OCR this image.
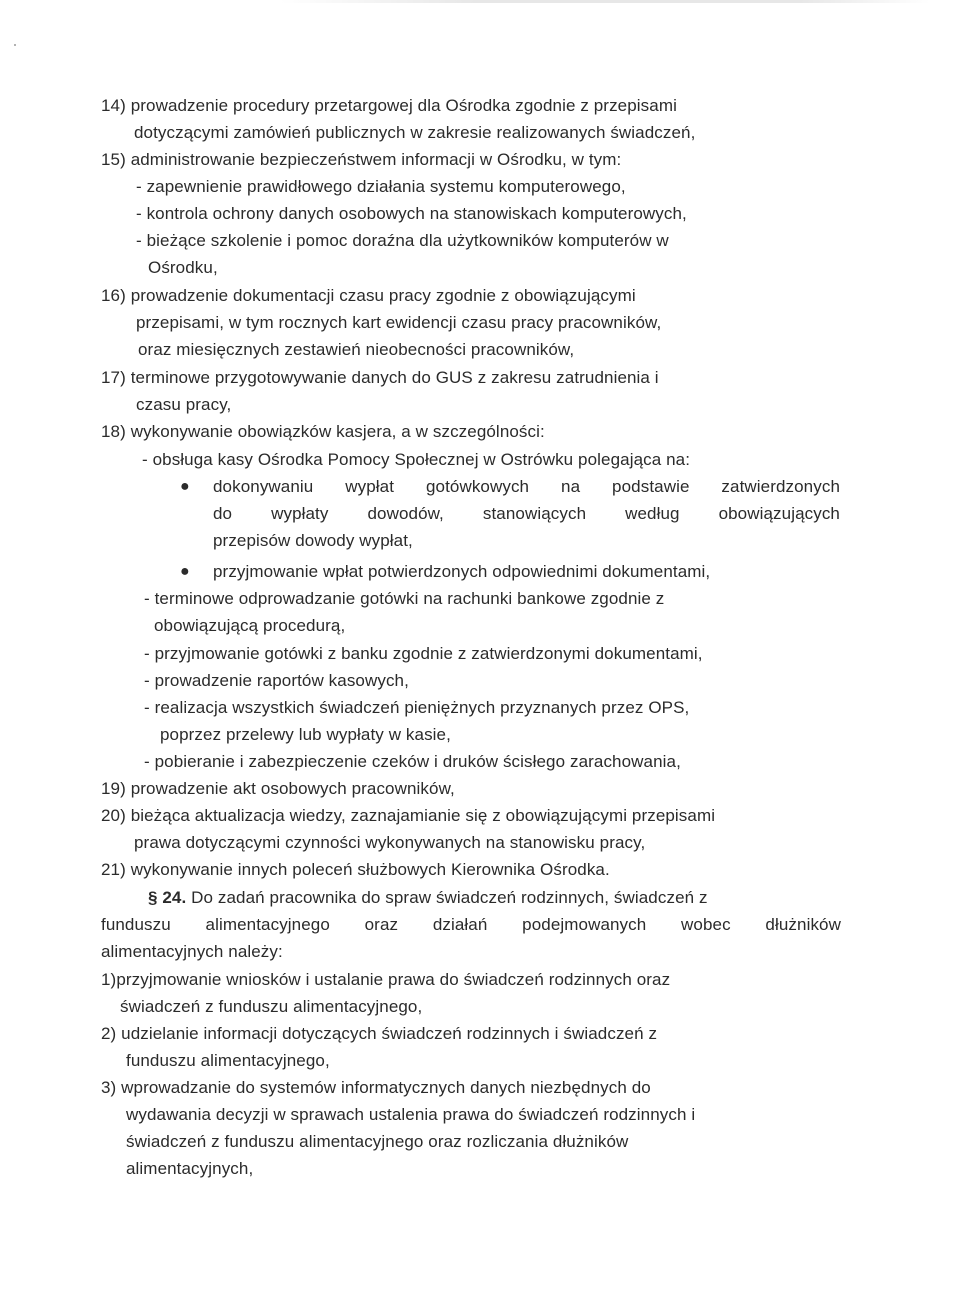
14) prowadzenie procedury przetargowej dla Ośrodka zgodnie z przepisami
dotyczącymi zamówień publicznych w zakresie realizowanych świadczeń,
15) administrowanie bezpieczeństwem informacji w Ośrodku, w tym:
- zapewnienie prawidłowego działania systemu komputerowego,
- kontrola ochrony danych osobowych na stanowiskach komputerowych,
- bieżące szkolenie i pomoc doraźna dla użytkowników komputerów w
Ośrodku,
16) prowadzenie dokumentacji czasu pracy zgodnie z obowiązującymi
przepisami, w tym rocznych kart ewidencji czasu pracy pracowników,
oraz miesięcznych zestawień nieobecności pracowników,
17) terminowe przygotowywanie danych do GUS z zakresu zatrudnienia i
czasu pracy,
18) wykonywanie obowiązków kasjera, a w szczególności:
- obsługa kasy Ośrodka Pomocy Społecznej w Ostrówku polegająca na:
● dokonywaniu wypłat gotówkowych na podstawie zatwierdzonych
do wypłaty dowodów, stanowiących według obowiązujących
przepisów dowody wypłat,
● przyjmowanie wpłat potwierdzonych odpowiednimi dokumentami,
- terminowe odprowadzanie gotówki na rachunki bankowe zgodnie z
obowiązującą procedurą,
- przyjmowanie gotówki z banku zgodnie z zatwierdzonymi dokumentami,
- prowadzenie raportów kasowych,
- realizacja wszystkich świadczeń pieniężnych przyznanych przez OPS,
poprzez przelewy lub wypłaty w kasie,
- pobieranie i zabezpieczenie czeków i druków ścisłego zarachowania,
19) prowadzenie akt osobowych pracowników,
20) bieżąca aktualizacja wiedzy, zaznajamianie się z obowiązującymi przepisami
prawa dotyczącymi czynności wykonywanych na stanowisku pracy,
21) wykonywanie innych poleceń służbowych Kierownika Ośrodka.
§ 24. Do zadań pracownika do spraw świadczeń rodzinnych, świadczeń z
funduszu alimentacyjnego oraz działań podejmowanych wobec dłużników
alimentacyjnych należy:
1)przyjmowanie wniosków i ustalanie prawa do świadczeń rodzinnych oraz
świadczeń z funduszu alimentacyjnego,
2) udzielanie informacji dotyczących świadczeń rodzinnych i świadczeń z
funduszu alimentacyjnego,
3) wprowadzanie do systemów informatycznych danych niezbędnych do
wydawania decyzji w sprawach ustalenia prawa do świadczeń rodzinnych i
świadczeń z funduszu alimentacyjnego oraz rozliczania dłużników
alimentacyjnych,
